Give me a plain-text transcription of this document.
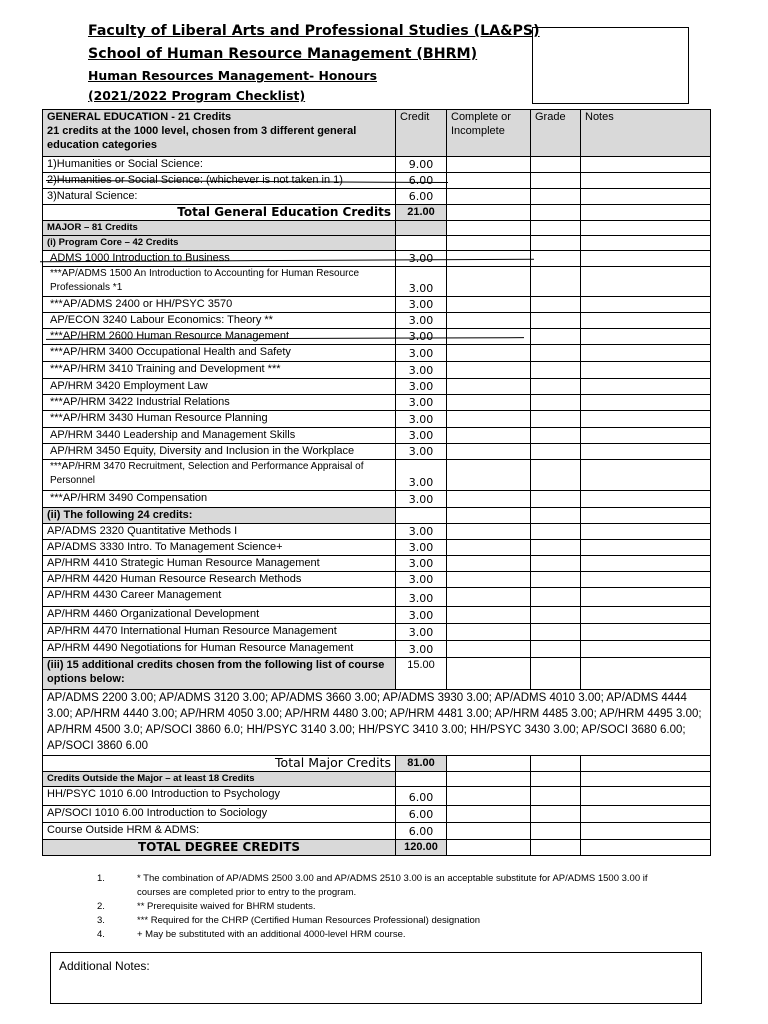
Faculty of Liberal Arts and Professional Studies (LA&PS)
School of Human Resource Management (BHRM)
Human Resources Management- Honours
(2021/2022 Program Checklist)
GENERAL EDUCATION - 21 Credits
21 credits at the 1000 level, chosen from 3 different general education categories	Credit	Complete or Incomplete	Grade	Notes
1)Humanities or Social Science:	9.00			
2)Humanities or Social Science: (whichever is not taken in 1)	6.00			
3)Natural Science:	6.00			
Total General Education Credits	21.00			
MAJOR – 81 Credits				
(i) Program Core – 42 Credits				
ADMS 1000 Introduction to Business	3.00			
***AP/ADMS 1500 An Introduction to Accounting for Human Resource Professionals *1	3.00			
***AP/ADMS 2400 or HH/PSYC 3570	3.00			
AP/ECON 3240 Labour Economics: Theory **	3.00			
***AP/HRM 2600 Human Resource Management	3.00			
***AP/HRM 3400 Occupational Health and Safety	3.00			
***AP/HRM 3410 Training and Development ***	3.00			
AP/HRM 3420 Employment Law	3.00			
***AP/HRM 3422 Industrial Relations	3.00			
***AP/HRM 3430 Human Resource Planning	3.00			
AP/HRM 3440 Leadership and Management Skills	3.00			
AP/HRM 3450 Equity, Diversity and Inclusion in the Workplace	3.00			
***AP/HRM 3470 Recruitment, Selection and Performance Appraisal of Personnel	3.00			
***AP/HRM 3490 Compensation	3.00			
(ii) The following 24 credits:				
AP/ADMS 2320 Quantitative Methods I	3.00			
AP/ADMS 3330 Intro. To Management Science+	3.00			
AP/HRM 4410 Strategic Human Resource Management	3.00			
AP/HRM 4420 Human Resource Research Methods	3.00			
AP/HRM 4430 Career Management	3.00			
AP/HRM 4460 Organizational Development	3.00			
AP/HRM 4470 International Human Resource Management	3.00			
AP/HRM 4490 Negotiations for Human Resource Management	3.00			
(iii) 15 additional credits chosen from the following list of course options below:	15.00			
AP/ADMS 2200 3.00; AP/ADMS 3120 3.00; AP/ADMS 3660 3.00; AP/ADMS 3930 3.00; AP/ADMS 4010 3.00; AP/ADMS 4444 3.00; AP/HRM 4440 3.00; AP/HRM 4050 3.00; AP/HRM 4480 3.00; AP/HRM 4481 3.00; AP/HRM 4485 3.00; AP/HRM 4495 3.00; AP/HRM 4500 3.0; AP/SOCI 3860 6.0; HH/PSYC 3140 3.00; HH/PSYC 3410 3.00; HH/PSYC 3430 3.00; AP/SOCI 3680 6.00; AP/SOCI 3860 6.00				
Total Major Credits	81.00			
Credits Outside the Major – at least 18 Credits				
HH/PSYC 1010 6.00 Introduction to Psychology	6.00			
AP/SOCI 1010 6.00 Introduction to Sociology	6.00			
Course Outside HRM & ADMS:	6.00			
TOTAL DEGREE CREDITS	120.00			
1.	* The combination of AP/ADMS 2500 3.00 and AP/ADMS 2510 3.00 is an acceptable substitute for AP/ADMS 1500 3.00 if courses are completed prior to entry to the program.
2.	** Prerequisite waived for BHRM students.
3.	*** Required for the CHRP (Certified Human Resources Professional) designation
4.	+ May be substituted with an additional 4000-level HRM course.
Additional Notes:
